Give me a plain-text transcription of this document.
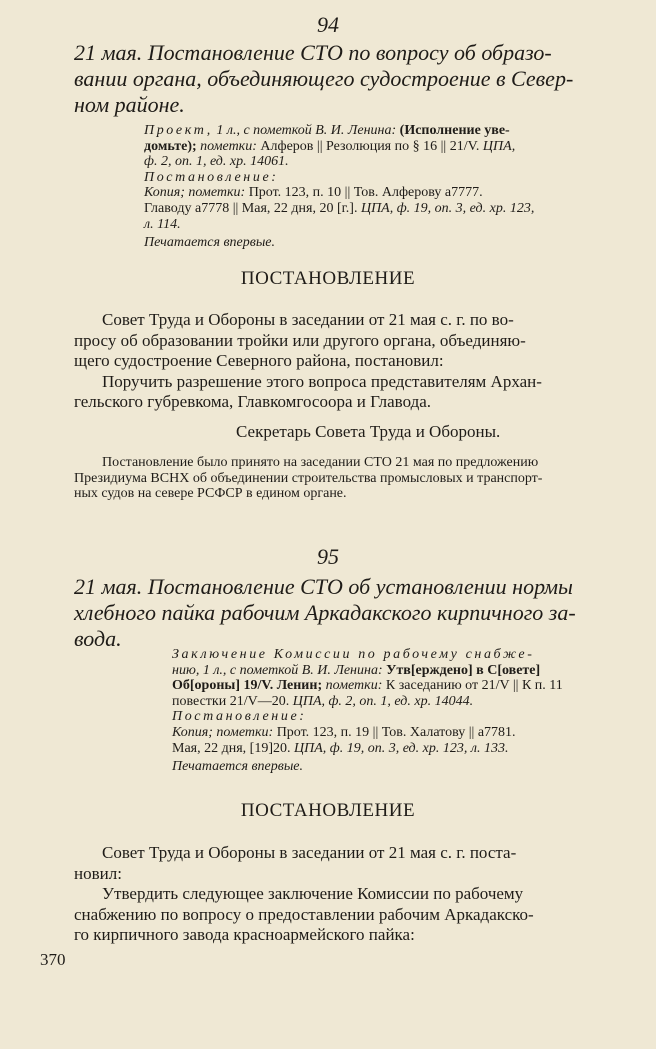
94
21 мая. Постановление СТО по вопросу об образо-
вании органа, объединяющего судостроение в Север-
ном районе.
Проект, 1 л., с пометкой В. И. Ленина: (Исполнение уве-
домьте); пометки: Алферов || Резолюция по § 16 || 21/V. ЦПА,
ф. 2, оп. 1, ед. хр. 14061.
Постановление:
Копия; пометки: Прот. 123, п. 10 || Тов. Алферову а7777.
Главоду а7778 || Мая, 22 дня, 20 [г.]. ЦПА, ф. 19, оп. 3, ед. хр. 123,
л. 114.
Печатается впервые.
ПОСТАНОВЛЕНИЕ
Совет Труда и Обороны в заседании от 21 мая с. г. по во-
просу об образовании тройки или другого органа, объединяю-
щего судостроение Северного района, постановил:
Поручить разрешение этого вопроса представителям Архан-
гельского губревкома, Главкомгосоора и Главода.
Секретарь Совета Труда и Обороны.
Постановление было принято на заседании СТО 21 мая по предложению
Президиума ВСНХ об объединении строительства промысловых и транспорт-
ных судов на севере РСФСР в едином органе.
95
21 мая. Постановление СТО об установлении нормы
хлебного пайка рабочим Аркадакского кирпичного за-
вода.
Заключение Комиссии по рабочему снабже-
нию, 1 л., с пометкой В. И. Ленина: Утв[ерждено] в С[овете]
Об[ороны] 19/V. Ленин; пометки: К заседанию от 21/V || К п. 11
повестки 21/V—20. ЦПА, ф. 2, оп. 1, ед. хр. 14044.
Постановление:
Копия; пометки: Прот. 123, п. 19 || Тов. Халатову || а7781.
Мая, 22 дня, [19]20. ЦПА, ф. 19, оп. 3, ед. хр. 123, л. 133.
Печатается впервые.
ПОСТАНОВЛЕНИЕ
Совет Труда и Обороны в заседании от 21 мая с. г. поста-
новил:
Утвердить следующее заключение Комиссии по рабочему
снабжению по вопросу о предоставлении рабочим Аркадакско-
го кирпичного завода красноармейского пайка:
370
